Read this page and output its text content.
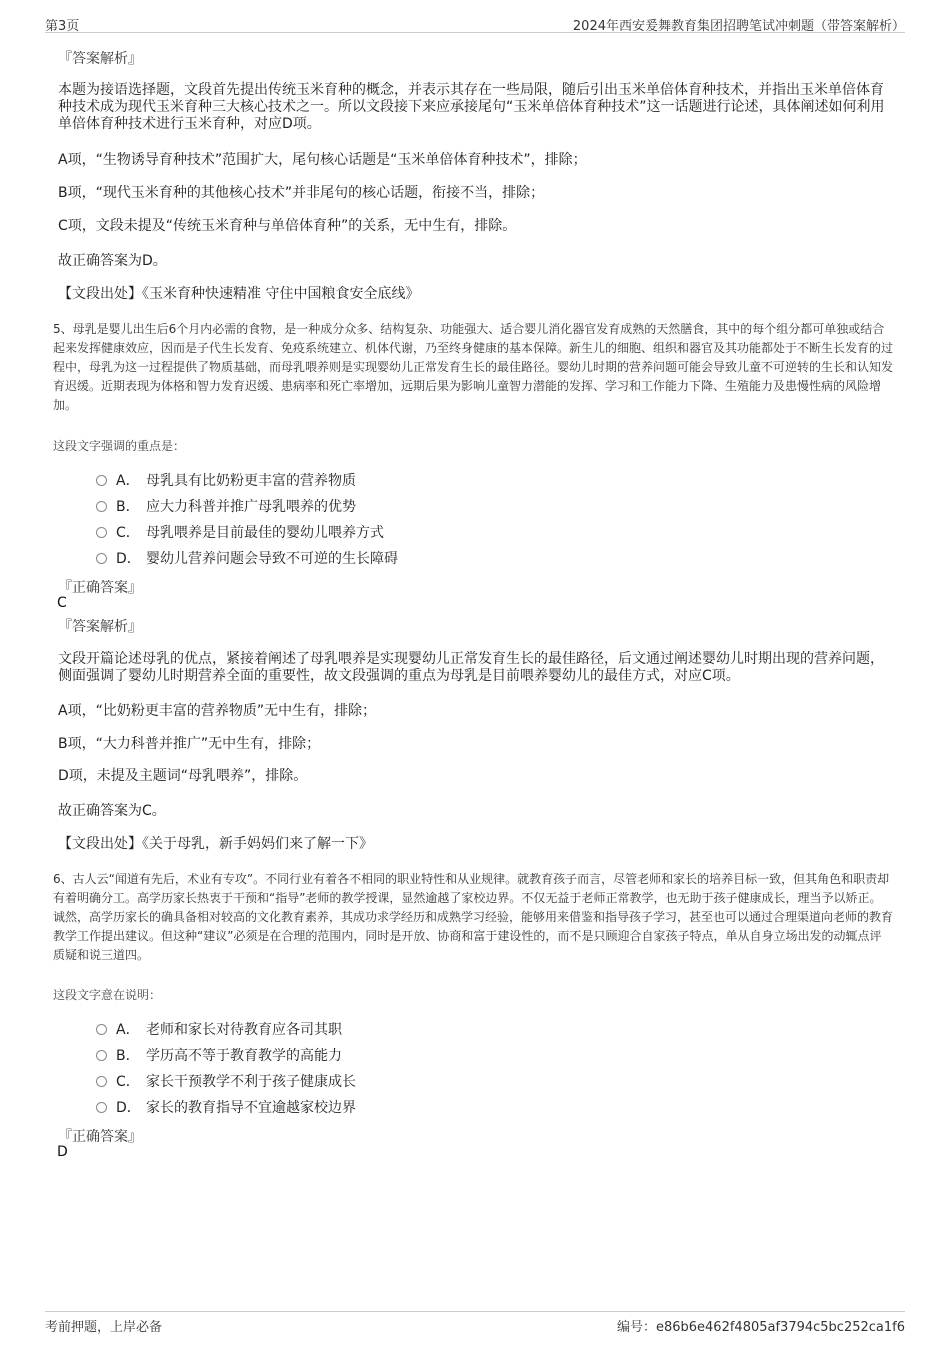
第3页	2024年西安爰舞教育集团招聘笔试冲刺题（带答案解析）
『答案解析』
本题为接语选择题，文段首先提出传统玉米育种的概念，并表示其存在一些局限，随后引出玉米单倍体育种技术，并指出玉米单倍体育种技术成为现代玉米育种三大核心技术之一。所以文段接下来应承接尾句“玉米单倍体育种技术”这一话题进行论述，具体阐述如何利用单倍体育种技术进行玉米育种，对应D项。
A项，“生物诱导育种技术”范围扩大，尾句核心话题是“玉米单倍体育种技术”，排除；
B项，“现代玉米育种的其他核心技术”并非尾句的核心话题，衔接不当，排除；
C项，文段未提及“传统玉米育种与单倍体育种”的关系，无中生有，排除。
故正确答案为D。
【文段出处】《玉米育种快速精准 守住中国粮食安全底线》
5、母乳是婴儿出生后6个月内必需的食物，是一种成分众多、结构复杂、功能强大、适合婴儿消化器官发育成熟的天然膳食，其中的每个组分都可单独或结合起来发挥健康效应，因而是子代生长发育、免疫系统建立、机体代谢，乃至终身健康的基本保障。新生儿的细胞、组织和器官及其功能都处于不断生长发育的过程中，母乳为这一过程提供了物质基础，而母乳喂养则是实现婴幼儿正常发育生长的最佳路径。婴幼儿时期的营养问题可能会导致儿童不可逆转的生长和认知发育迟缓。近期表现为体格和智力发育迟缓、患病率和死亡率增加，远期后果为影响儿童智力潜能的发挥、学习和工作能力下降、生殖能力及患慢性病的风险增加。
这段文字强调的重点是：
A． 母乳具有比奶粉更丰富的营养物质
B． 应大力科普并推广母乳喂养的优势
C． 母乳喂养是目前最佳的婴幼儿喂养方式
D． 婴幼儿营养问题会导致不可逆的生长障碍
『正确答案』
C
『答案解析』
文段开篇论述母乳的优点，紧接着阐述了母乳喂养是实现婴幼儿正常发育生长的最佳路径，后文通过阐述婴幼儿时期出现的营养问题，侧面强调了婴幼儿时期营养全面的重要性，故文段强调的重点为母乳是目前喂养婴幼儿的最佳方式，对应C项。
A项，“比奶粉更丰富的营养物质”无中生有，排除；
B项，“大力科普并推广”无中生有，排除；
D项，未提及主题词“母乳喂养”，排除。
故正确答案为C。
【文段出处】《关于母乳，新手妈妈们来了解一下》
6、古人云“闻道有先后，术业有专攻”。不同行业有着各不相同的职业特性和从业规律。就教育孩子而言，尽管老师和家长的培养目标一致，但其角色和职责却有着明确分工。高学历家长热衷于干预和“指导”老师的教学授课，显然逾越了家校边界。不仅无益于老师正常教学，也无助于孩子健康成长，理当予以矫正。诚然，高学历家长的确具备相对较高的文化教育素养，其成功求学经历和成熟学习经验，能够用来借鉴和指导孩子学习，甚至也可以通过合理渠道向老师的教育教学工作提出建议。但这种“建议”必须是在合理的范围内，同时是开放、协商和富于建设性的，而不是只顾迎合自家孩子特点，单从自身立场出发的动辄点评质疑和说三道四。
这段文字意在说明：
A． 老师和家长对待教育应各司其职
B． 学历高不等于教育教学的高能力
C． 家长干预教学不利于孩子健康成长
D． 家长的教育指导不宜逾越家校边界
『正确答案』
D
考前押题，上岸必备	编号：e86b6e462f4805af3794c5bc252ca1f6
